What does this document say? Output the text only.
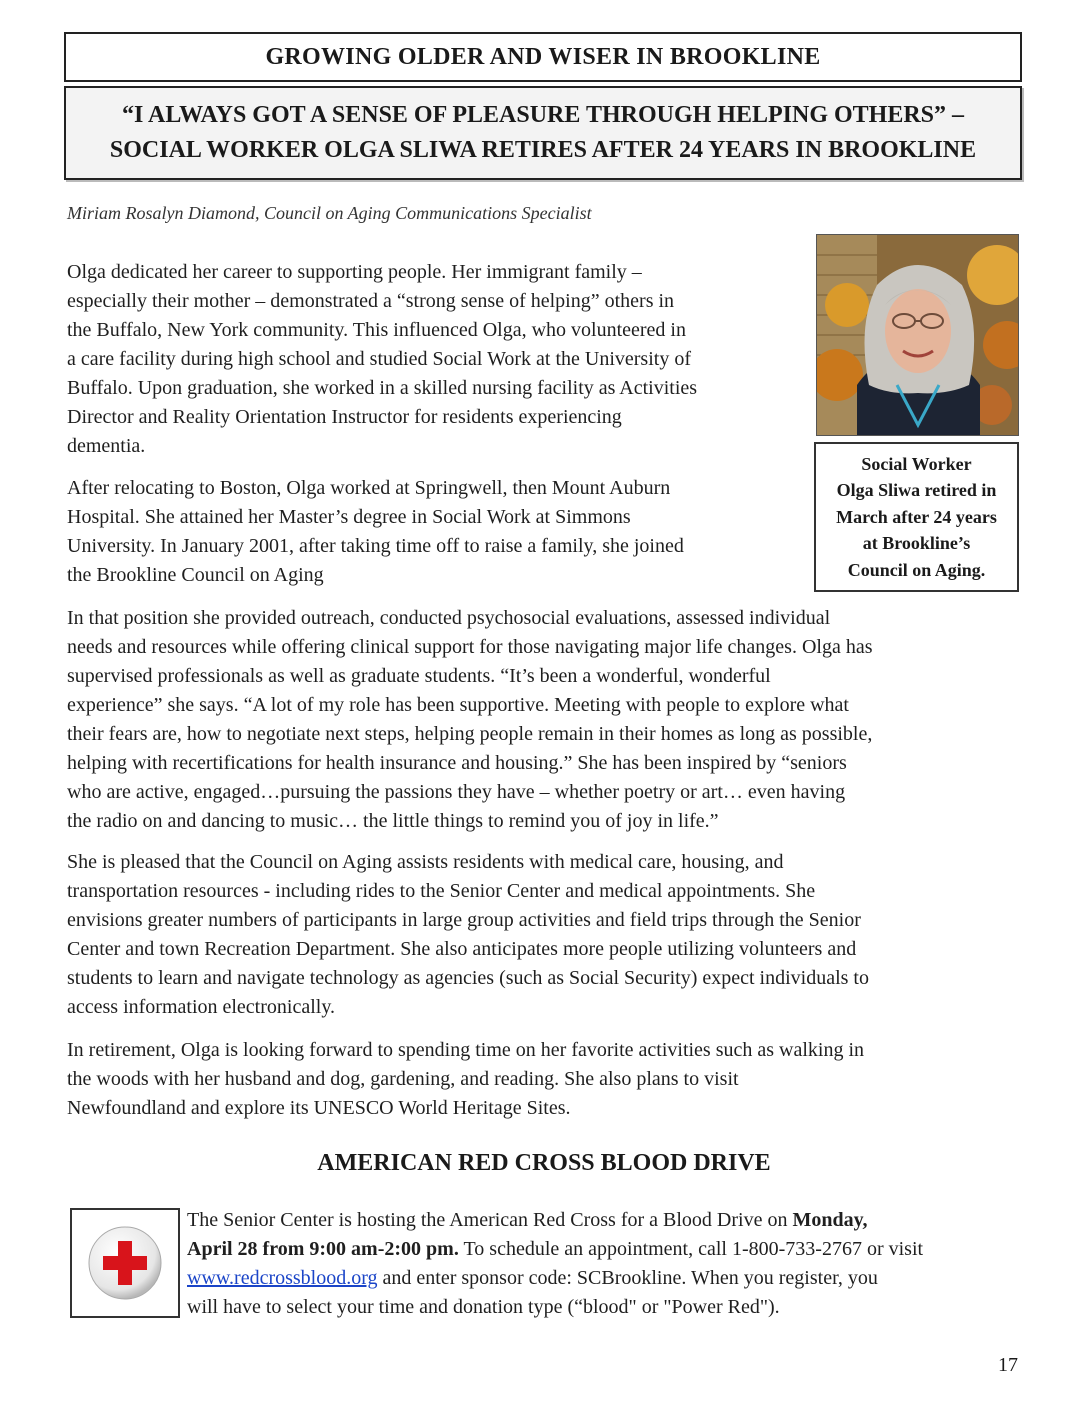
GROWING OLDER AND WISER IN BROOKLINE
“I ALWAYS GOT A SENSE OF PLEASURE THROUGH HELPING OTHERS” –
SOCIAL WORKER OLGA SLIWA RETIRES AFTER 24 YEARS IN BROOKLINE
Miriam Rosalyn Diamond, Council on Aging Communications Specialist
Olga dedicated her career to supporting people. Her immigrant family –
especially their mother – demonstrated a “strong sense of helping” others in
the Buffalo, New York community. This influenced Olga, who volunteered in
a care facility during high school and studied Social Work at the University of
Buffalo. Upon graduation, she worked in a skilled nursing facility as Activities
Director and Reality Orientation Instructor for residents experiencing
dementia.
After relocating to Boston, Olga worked at Springwell, then Mount Auburn
Hospital. She attained her Master’s degree in Social Work at Simmons
University. In January 2001, after taking time off to raise a family, she joined
the Brookline Council on Aging
Social Worker
Olga Sliwa retired in
March after 24 years
at Brookline’s
Council on Aging.
In that position she provided outreach, conducted psychosocial evaluations, assessed individual
needs and resources while offering clinical support for those navigating major life changes. Olga has
supervised professionals as well as graduate students. “It’s been a wonderful, wonderful
experience” she says. “A lot of my role has been supportive. Meeting with people to explore what
their fears are, how to negotiate next steps, helping people remain in their homes as long as possible,
helping with recertifications for health insurance and housing.” She has been inspired by “seniors
who are active, engaged…pursuing the passions they have – whether poetry or art… even having
the radio on and dancing to music… the little things to remind you of joy in life.”
She is pleased that the Council on Aging assists residents with medical care, housing, and
transportation resources - including rides to the Senior Center and medical appointments. She
envisions greater numbers of participants in large group activities and field trips through the Senior
Center and town Recreation Department. She also anticipates more people utilizing volunteers and
students to learn and navigate technology as agencies (such as Social Security) expect individuals to
access information electronically.
In retirement, Olga is looking forward to spending time on her favorite activities such as walking in
the woods with her husband and dog, gardening, and reading. She also plans to visit
Newfoundland and explore its UNESCO World Heritage Sites.
AMERICAN RED CROSS BLOOD DRIVE
The Senior Center is hosting the American Red Cross for a Blood Drive on Monday,
April 28 from 9:00 am-2:00 pm. To schedule an appointment, call 1-800-733-2767 or visit
www.redcrossblood.org and enter sponsor code: SCBrookline. When you register, you
will have to select your time and donation type (“blood" or "Power Red").
17
